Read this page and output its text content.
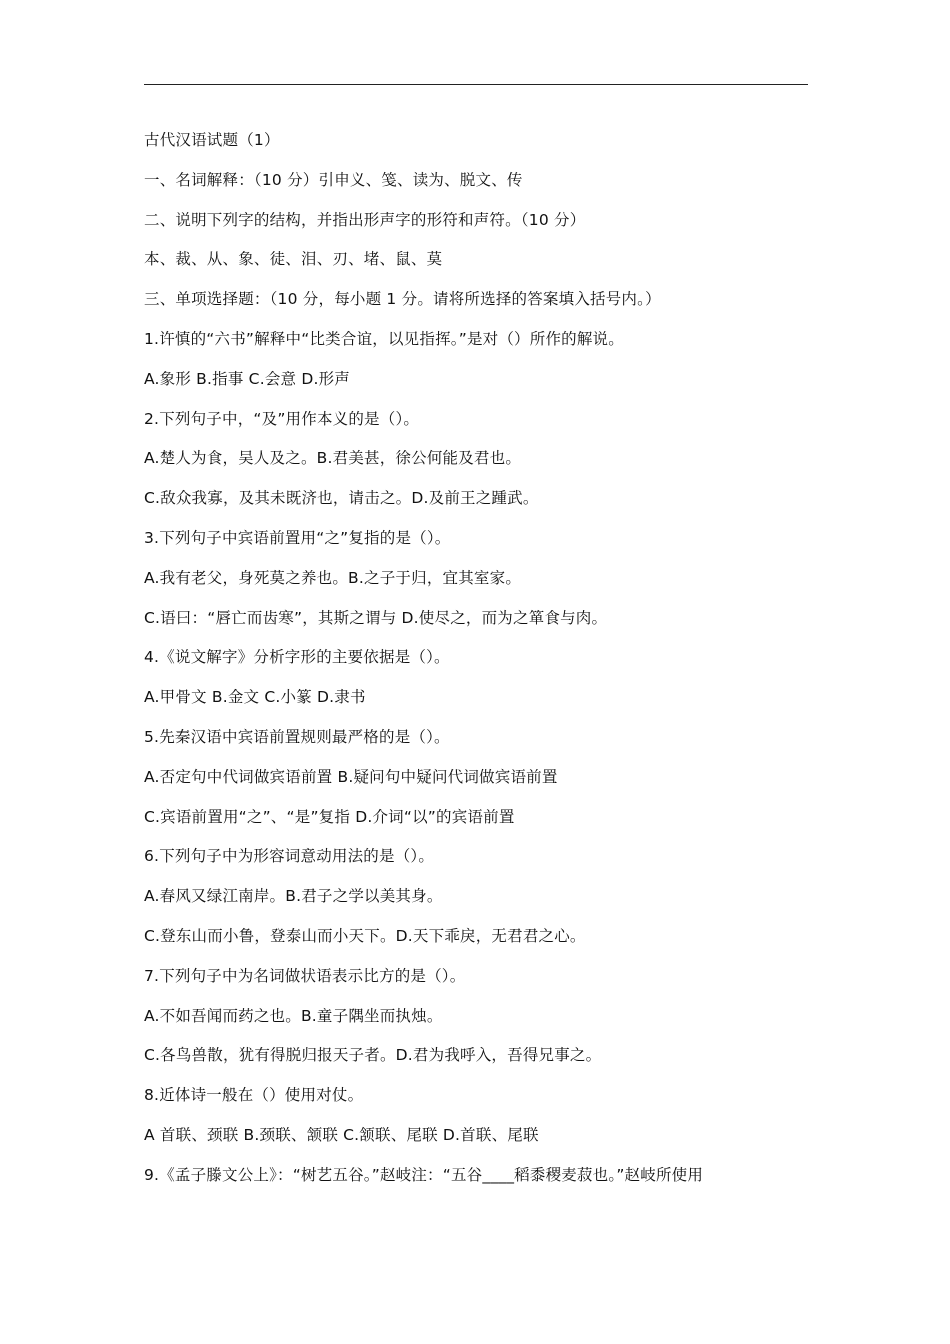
古代汉语试题（1）
一、名词解释：（10 分）引申义、笺、读为、脱文、传
二、说明下列字的结构，并指出形声字的形符和声符。（10 分）
本、裁、从、象、徒、泪、刃、堵、鼠、莫
三、单项选择题：（10 分，每小题 1 分。请将所选择的答案填入括号内。）
1.许慎的“六书”解释中“比类合谊，以见指挥。”是对（）所作的解说。
A.象形 B.指事 C.会意 D.形声
2.下列句子中，“及”用作本义的是（）。
A.楚人为食，吴人及之。B.君美甚，徐公何能及君也。
C.敌众我寡，及其未既济也，请击之。D.及前王之踵武。
3.下列句子中宾语前置用“之”复指的是（）。
A.我有老父，身死莫之养也。B.之子于归，宜其室家。
C.语曰：“唇亡而齿寒”，其斯之谓与 D.使尽之，而为之箪食与肉。
4.《说文解字》分析字形的主要依据是（）。
A.甲骨文 B.金文 C.小篆 D.隶书
5.先秦汉语中宾语前置规则最严格的是（）。
A.否定句中代词做宾语前置 B.疑问句中疑问代词做宾语前置
C.宾语前置用“之”、“是”复指 D.介词“以”的宾语前置
6.下列句子中为形容词意动用法的是（）。
A.春风又绿江南岸。B.君子之学以美其身。
C.登东山而小鲁，登泰山而小天下。D.天下乖戾，无君君之心。
7.下列句子中为名词做状语表示比方的是（）。
A.不如吾闻而药之也。B.童子隅坐而执烛。
C.各鸟兽散，犹有得脱归报天子者。D.君为我呼入，吾得兄事之。
8.近体诗一般在（）使用对仗。
A 首联、颈联 B.颈联、颔联 C.颔联、尾联 D.首联、尾联
9.《孟子滕文公上》：“树艺五谷。”赵岐注：“五谷____稻黍稷麦菽也。”赵岐所使用
